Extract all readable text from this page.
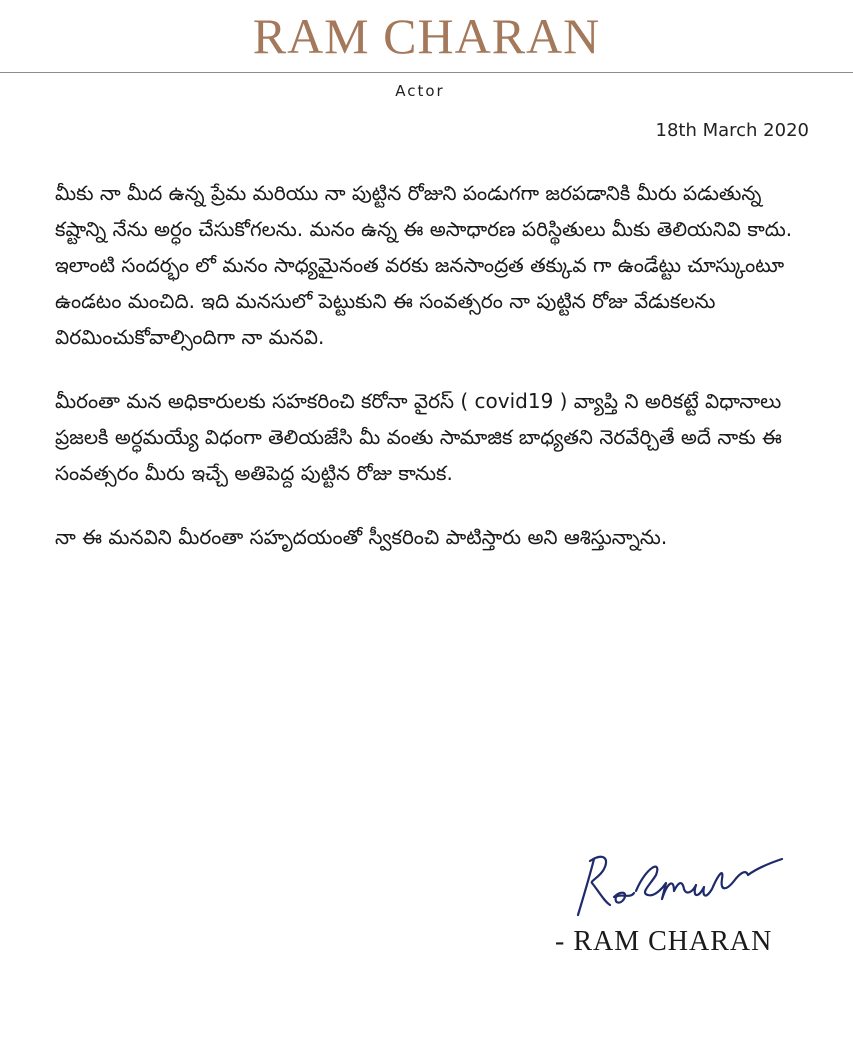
RAM CHARAN
Actor
18th March 2020

మీకు నా మీద ఉన్న ప్రేమ మరియు నా పుట్టిన రోజుని పండుగగా జరపడానికి మీరు పడుతున్న కష్టాన్ని నేను అర్ధం చేసుకోగలను. మనం ఉన్న ఈ అసాధారణ పరిస్థితులు మీకు తెలియనివి కాదు. ఇలాంటి సందర్భం లో మనం సాధ్యమైనంత వరకు జనసాంద్రత తక్కువ గా ఉండేట్టు చూస్కుంటూ ఉండటం మంచిది. ఇది మనసులో పెట్టుకుని ఈ సంవత్సరం నా పుట్టిన రోజు వేడుకలను విరమించుకోవాల్సిందిగా నా మనవి.

మీరంతా మన అధికారులకు సహకరించి కరోనా వైరస్ ( covid19 ) వ్యాప్తి ని అరికట్టే విధానాలు ప్రజలకి అర్ధమయ్యే విధంగా తెలియజేసి మీ వంతు సామాజిక బాధ్యతని నెరవేర్చితే అదే నాకు ఈ సంవత్సరం మీరు ఇచ్చే అతిపెద్ద పుట్టిన రోజు కానుక.

నా ఈ మనవిని మీరంతా సహృదయంతో స్వీకరించి పాటిస్తారు అని ఆశిస్తున్నాను.

- RAM CHARAN
